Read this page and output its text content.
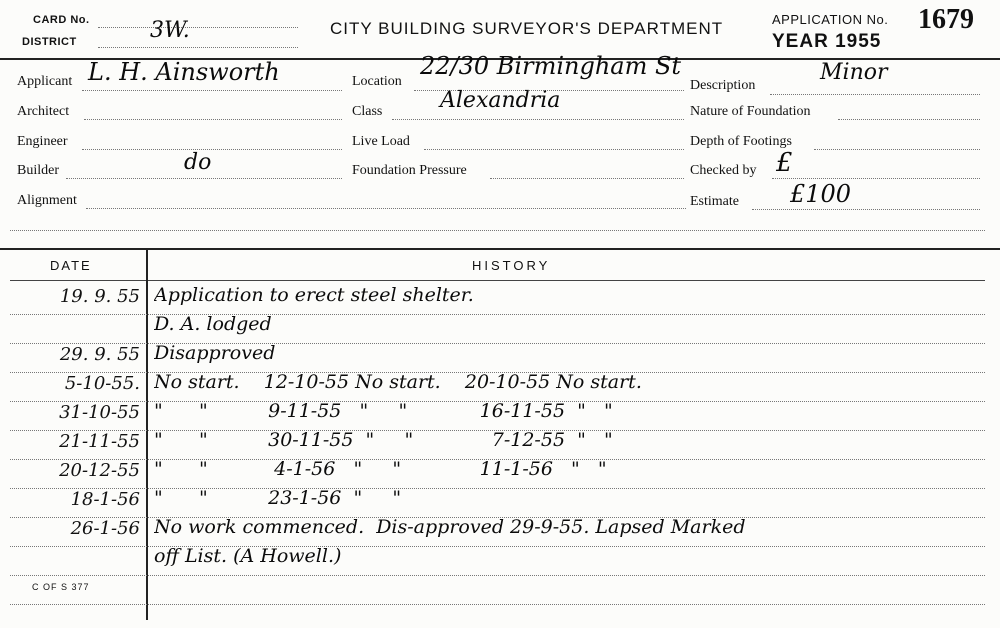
CARD No.
DISTRICT	3W.	CITY BUILDING SURVEYOR'S DEPARTMENT	APPLICATION No. 1679
YEAR 1955
Applicant L. H. Ainsworth	Location
22/30 Birmingham St
Description
Minor
Architect	Class	Alexandria	Nature of Foundation
Engineer	Live Load	Depth of Footings
Builder	do	Foundation Pressure	Checked by £
Alignment	Estimate £100
DATE	HISTORY
19. 9. 55 Application to erect steel shelter.
D. A. lodged
29. 9. 55 Disapproved
5-10-55. No start.    12-10-55 No start.    20-10-55 No start.
31-10-55 "      "          9-11-55   "     "            16-11-55  "   "
21-11-55 "      "          30-11-55  "     "             7-12-55  "   "
20-12-55 "      "           4-1-56   "     "             11-1-56   "   "
18-1-56 "      "          23-1-56  "     "
26-1-56 No work commenced.  Dis-approved 29-9-55. Lapsed Marked
off List. (A Howell.)
C OF S 377
